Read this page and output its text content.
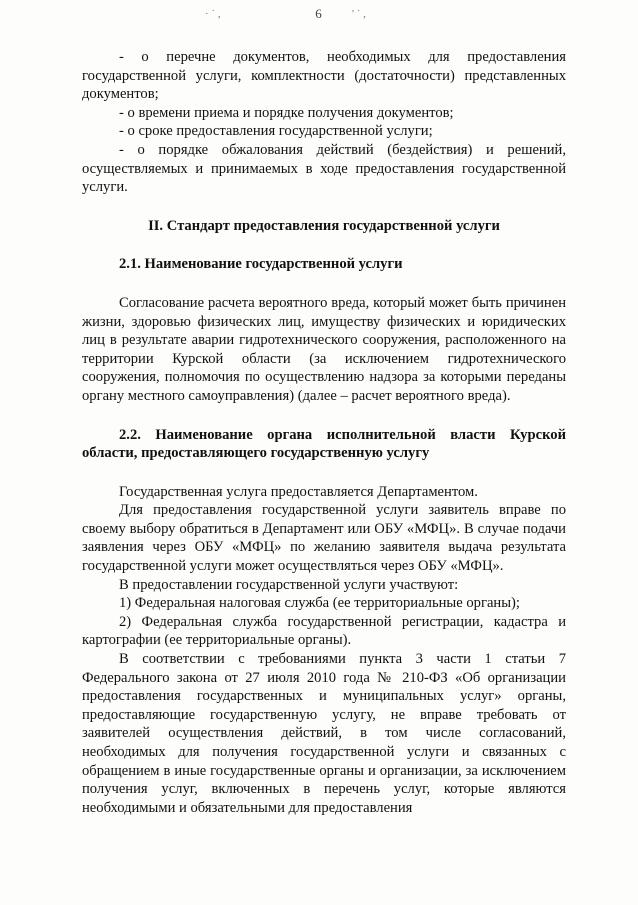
· ˙ ,	6	' ˙ ,

- о перечне документов, необходимых для предоставления государственной услуги, комплектности (достаточности) представленных документов;

- о времени приема и порядке получения документов;

- о сроке предоставления государственной услуги;

- о порядке обжалования действий (бездействия) и решений, осуществляемых и принимаемых в ходе предоставления государственной услуги.

II. Стандарт предоставления государственной услуги

2.1. Наименование государственной услуги

Согласование расчета вероятного вреда, который может быть причинен жизни, здоровью физических лиц, имуществу физических и юридических лиц в результате аварии гидротехнического сооружения, расположенного на территории Курской области (за исключением гидротехнического сооружения, полномочия по осуществлению надзора за которыми переданы органу местного самоуправления) (далее – расчет вероятного вреда).

2.2. Наименование органа исполнительной власти Курской области, предоставляющего государственную услугу

Государственная услуга предоставляется Департаментом.

Для предоставления государственной услуги заявитель вправе по своему выбору обратиться в Департамент или ОБУ «МФЦ». В случае подачи заявления через ОБУ «МФЦ» по желанию заявителя выдача результата государственной услуги может осуществляться через ОБУ «МФЦ».

В предоставлении государственной услуги участвуют:

1) Федеральная налоговая служба (ее территориальные органы);

2) Федеральная служба государственной регистрации, кадастра и картографии (ее территориальные органы).

В соответствии с требованиями пункта 3 части 1 статьи 7 Федерального закона от 27 июля 2010 года № 210-ФЗ «Об организации предоставления государственных и муниципальных услуг» органы, предоставляющие государственную услугу, не вправе требовать от заявителей осуществления действий, в том числе согласований, необходимых для получения государственной услуги и связанных с обращением в иные государственные органы и организации, за исключением получения услуг, включенных в перечень услуг, которые являются необходимыми и обязательными для предоставления
